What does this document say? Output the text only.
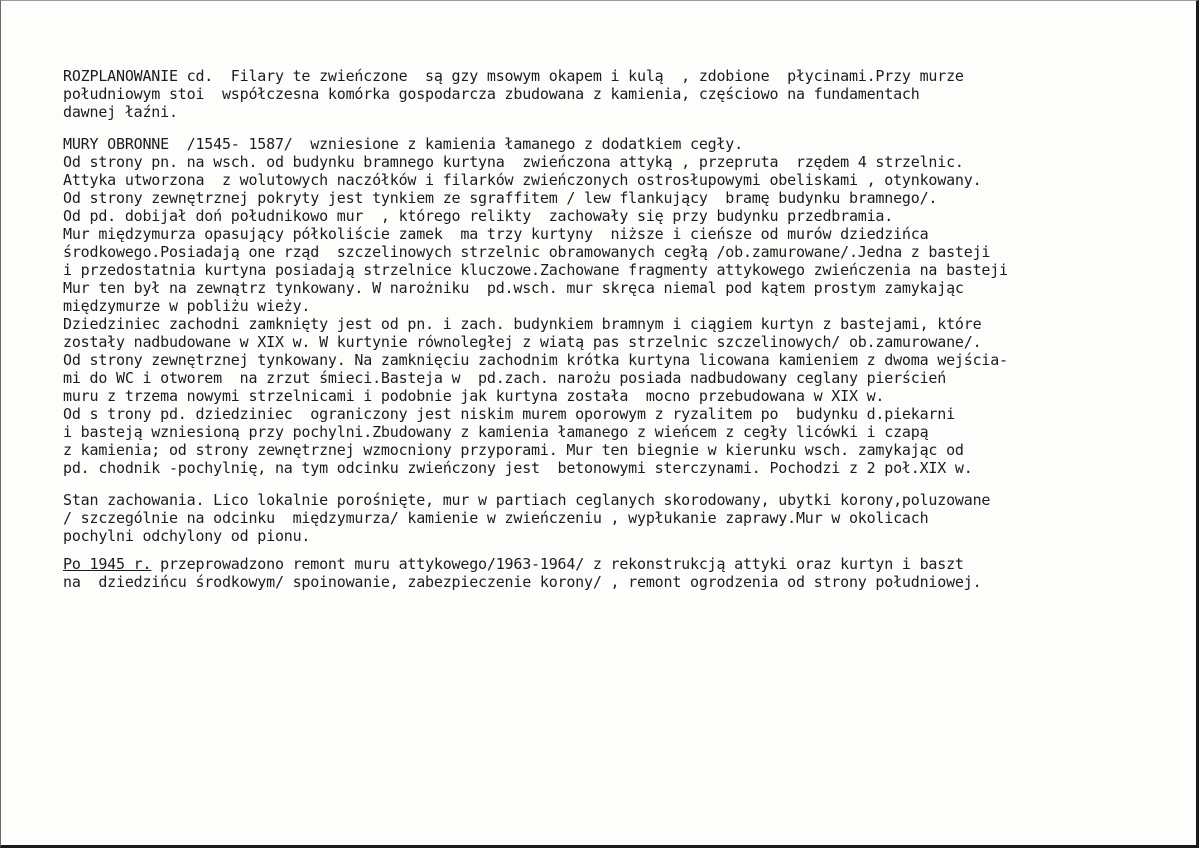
ROZPLANOWANIE cd.  Filary te zwieńczone  są gzy msowym okapem i kulą  , zdobione  płycinami.Przy murze
południowym stoi  współczesna komórka gospodarcza zbudowana z kamienia, częściowo na fundamentach
dawnej łaźni.
MURY OBRONNE  /1545- 1587/  wzniesione z kamienia łamanego z dodatkiem cegły.
Od strony pn. na wsch. od budynku bramnego kurtyna  zwieńczona attyką , przepruta  rzędem 4 strzelnic.
Attyka utworzona  z wolutowych naczółków i filarków zwieńczonych ostrosłupowymi obeliskami , otynkowany.
Od strony zewnętrznej pokryty jest tynkiem ze sgraffitem / lew flankujący  bramę budynku bramnego/.
Od pd. dobijał doń południkowo mur  , którego relikty  zachowały się przy budynku przedbramia.
Mur międzymurza opasujący półkoliście zamek  ma trzy kurtyny  niższe i cieńsze od murów dziedzińca
środkowego.Posiadają one rząd  szczelinowych strzelnic obramowanych cegłą /ob.zamurowane/.Jedna z basteji
i przedostatnia kurtyna posiadają strzelnice kluczowe.Zachowane fragmenty attykowego zwieńczenia na basteji
Mur ten był na zewnątrz tynkowany. W narożniku  pd.wsch. mur skręca niemal pod kątem prostym zamykając
międzymurze w pobliżu wieży.
Dziedziniec zachodni zamknięty jest od pn. i zach. budynkiem bramnym i ciągiem kurtyn z bastejami, które
zostały nadbudowane w XIX w. W kurtynie równoległej z wiatą pas strzelnic szczelinowych/ ob.zamurowane/.
Od strony zewnętrznej tynkowany. Na zamknięciu zachodnim krótka kurtyna licowana kamieniem z dwoma wejścia-
mi do WC i otworem  na zrzut śmieci.Basteja w  pd.zach. narożu posiada nadbudowany ceglany pierścień
muru z trzema nowymi strzelnicami i podobnie jak kurtyna została  mocno przebudowana w XIX w.
Od s trony pd. dziedziniec  ograniczony jest niskim murem oporowym z ryzalitem po  budynku d.piekarni
i basteją wzniesioną przy pochylni.Zbudowany z kamienia łamanego z wieńcem z cegły licówki i czapą
z kamienia; od strony zewnętrznej wzmocniony przyporami. Mur ten biegnie w kierunku wsch. zamykając od
pd. chodnik -pochylnię, na tym odcinku zwieńczony jest  betonowymi sterczynami. Pochodzi z 2 poł.XIX w.
Stan zachowania. Lico lokalnie porośnięte, mur w partiach ceglanych skorodowany, ubytki korony,poluzowane
/ szczególnie na odcinku  międzymurza/ kamienie w zwieńczeniu , wypłukanie zaprawy.Mur w okolicach
pochylni odchylony od pionu.
Po 1945 r. przeprowadzono remont muru attykowego/1963-1964/ z rekonstrukcją attyki oraz kurtyn i baszt
na  dziedzińcu środkowym/ spoinowanie, zabezpieczenie korony/ , remont ogrodzenia od strony południowej.
